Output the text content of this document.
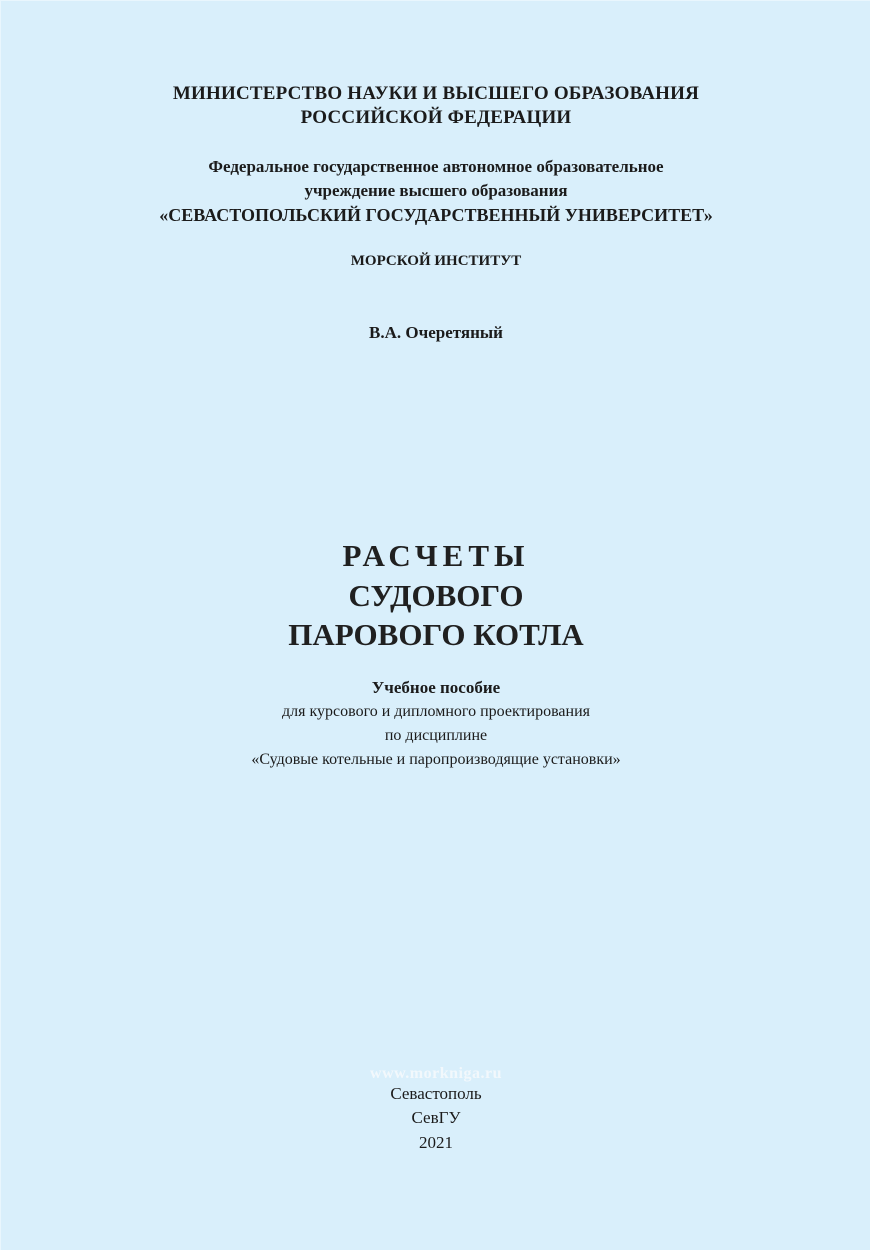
МИНИСТЕРСТВО НАУКИ И ВЫСШЕГО ОБРАЗОВАНИЯ
РОССИЙСКОЙ ФЕДЕРАЦИИ
Федеральное государственное автономное образовательное
учреждение высшего образования
«СЕВАСТОПОЛЬСКИЙ ГОСУДАРСТВЕННЫЙ УНИВЕРСИТЕТ»
МОРСКОЙ ИНСТИТУТ
В.А. Очеретяный
РАСЧЕТЫ
СУДОВОГО
ПАРОВОГО КОТЛА
Учебное пособие
для курсового и дипломного проектирования
по дисциплине
«Судовые котельные и паропроизводящие установки»
www.morkniga.ru
Севастополь
СевГУ
2021
